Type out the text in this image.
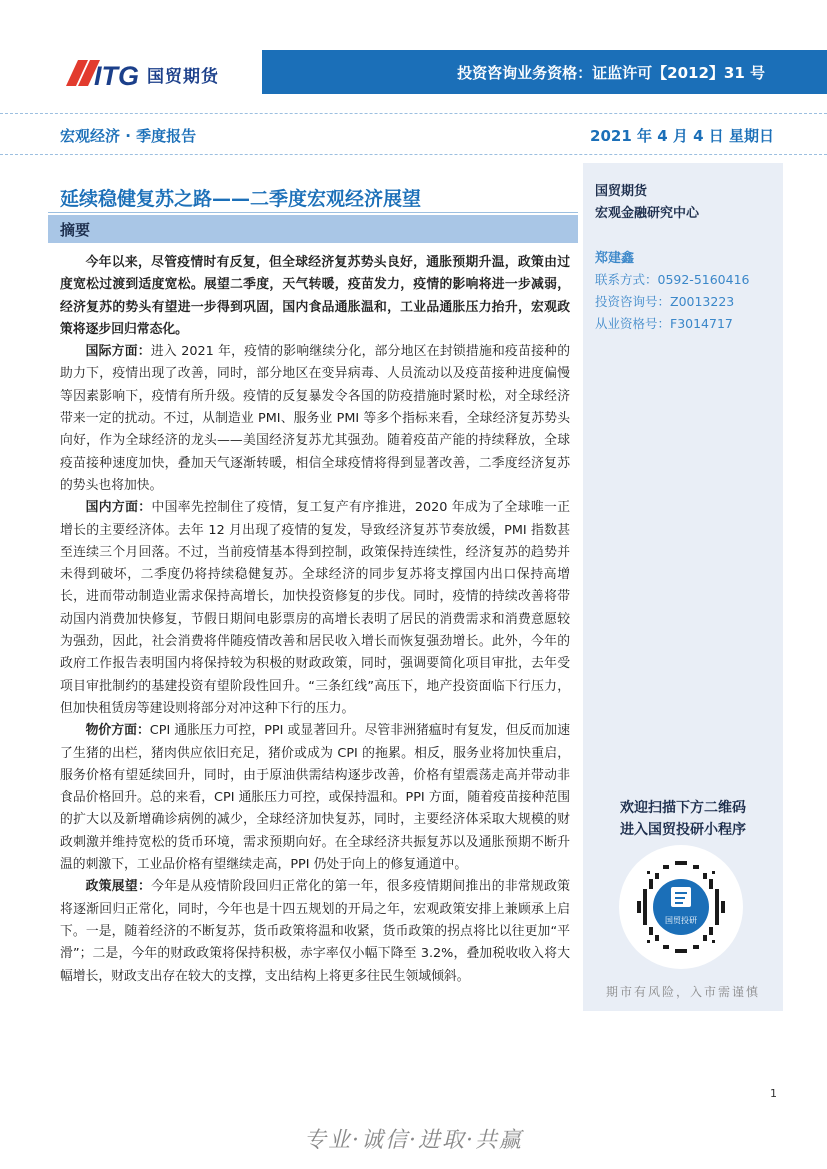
ITG 国贸期货	投资咨询业务资格：证监许可【2012】31 号
宏观经济 · 季度报告	2021 年 4 月 4 日 星期日
延续稳健复苏之路——二季度宏观经济展望
摘要

今年以来，尽管疫情时有反复，但全球经济复苏势头良好，通胀预期升温，政策由过度宽松过渡到适度宽松。展望二季度，天气转暖，疫苗发力，疫情的影响将进一步减弱，经济复苏的势头有望进一步得到巩固，国内食品通胀温和，工业品通胀压力抬升，宏观政策将逐步回归常态化。

国际方面：进入 2021 年，疫情的影响继续分化，部分地区在封锁措施和疫苗接种的助力下，疫情出现了改善，同时，部分地区在变异病毒、人员流动以及疫苗接种进度偏慢等因素影响下，疫情有所升级。疫情的反复暴发令各国的防疫措施时紧时松，对全球经济带来一定的扰动。不过，从制造业 PMI、服务业 PMI 等多个指标来看，全球经济复苏势头向好，作为全球经济的龙头——美国经济复苏尤其强劲。随着疫苗产能的持续释放，全球疫苗接种速度加快，叠加天气逐渐转暖，相信全球疫情将得到显著改善，二季度经济复苏的势头也将加快。

国内方面：中国率先控制住了疫情，复工复产有序推进，2020 年成为了全球唯一正增长的主要经济体。去年 12 月出现了疫情的复发，导致经济复苏节奏放缓，PMI 指数甚至连续三个月回落。不过，当前疫情基本得到控制，政策保持连续性，经济复苏的趋势并未得到破坏，二季度仍将持续稳健复苏。全球经济的同步复苏将支撑国内出口保持高增长，进而带动制造业需求保持高增长，加快投资修复的步伐。同时，疫情的持续改善将带动国内消费加快修复，节假日期间电影票房的高增长表明了居民的消费需求和消费意愿较为强劲，因此，社会消费将伴随疫情改善和居民收入增长而恢复强劲增长。此外，今年的政府工作报告表明国内将保持较为积极的财政政策，同时，强调要简化项目审批，去年受项目审批制约的基建投资有望阶段性回升。“三条红线”高压下，地产投资面临下行压力，但加快租赁房等建设则将部分对冲这种下行的压力。

物价方面：CPI 通胀压力可控，PPI 或显著回升。尽管非洲猪瘟时有复发，但反而加速了生猪的出栏，猪肉供应依旧充足，猪价或成为 CPI 的拖累。相反，服务业将加快重启，服务价格有望延续回升，同时，由于原油供需结构逐步改善，价格有望震荡走高并带动非食品价格回升。总的来看，CPI 通胀压力可控，或保持温和。PPI 方面，随着疫苗接种范围的扩大以及新增确诊病例的减少，全球经济加快复苏，同时，主要经济体采取大规模的财政刺激并维持宽松的货币环境，需求预期向好。在全球经济共振复苏以及通胀预期不断升温的刺激下，工业品价格有望继续走高，PPI 仍处于向上的修复通道中。

政策展望：今年是从疫情阶段回归正常化的第一年，很多疫情期间推出的非常规政策将逐渐回归正常化，同时，今年也是十四五规划的开局之年，宏观政策安排上兼顾承上启下。一是，随着经济的不断复苏，货币政策将温和收紧，货币政策的拐点将比以往更加“平滑”；二是，今年的财政政策将保持积极，赤字率仅小幅下降至 3.2%，叠加税收收入将大幅增长，财政支出存在较大的支撑，支出结构上将更多往民生领域倾斜。

国贸期货
宏观金融研究中心
郑建鑫
联系方式：0592-5160416
投资咨询号：Z0013223
从业资格号：F3014717
欢迎扫描下方二维码
进入国贸投研小程序
国贸投研
期市有风险，入市需谨慎
1
专业·诚信·进取·共赢
